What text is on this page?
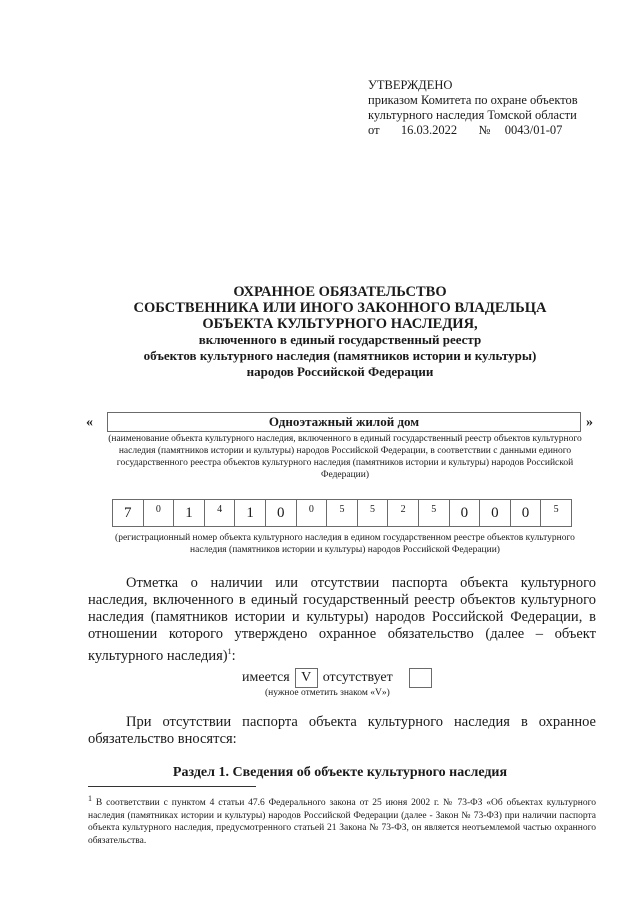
УТВЕРЖДЕНО
приказом Комитета по охране объектов
культурного наследия Томской области
от   16.03.2022   №  0043/01-07
ОХРАННОЕ ОБЯЗАТЕЛЬСТВО
СОБСТВЕННИКА ИЛИ ИНОГО ЗАКОННОГО ВЛАДЕЛЬЦА
ОБЪЕКТА КУЛЬТУРНОГО НАСЛЕДИЯ,
включенного в единый государственный реестр
объектов культурного наследия (памятников истории и культуры)
народов Российской Федерации
«	Одноэтажный жилой дом	»
(наименование объекта культурного наследия, включенного в единый государственный реестр объектов культурного наследия (памятников истории и культуры) народов Российской Федерации, в соответствии с данными единого государственного реестра объектов культурного наследия (памятников истории и культуры) народов Российской Федерации)
7	0	1	4	1	0	0	5	5	2	5	0	0	0	5
(регистрационный номер объекта культурного наследия в едином государственном реестре объектов культурного наследия (памятников истории и культуры) народов Российской Федерации)
Отметка о наличии или отсутствии паспорта объекта культурного наследия, включенного в единый государственный реестр объектов культурного наследия (памятников истории и культуры) народов Российской Федерации, в отношении которого утверждено охранное обязательство (далее – объект культурного наследия)$^1$:
имеется V отсутствует
(нужное отметить знаком «V»)
При отсутствии паспорта объекта культурного наследия в охранное обязательство вносятся:
Раздел 1. Сведения об объекте культурного наследия
$^1$ В соответствии с пунктом 4 статьи 47.6 Федерального закона от 25 июня 2002 г. № 73-ФЗ «Об объектах культурного наследия (памятниках истории и культуры) народов Российской Федерации (далее - Закон № 73-ФЗ) при наличии паспорта объекта культурного наследия, предусмотренного статьей 21 Закона № 73-ФЗ, он является неотъемлемой частью охранного обязательства.
